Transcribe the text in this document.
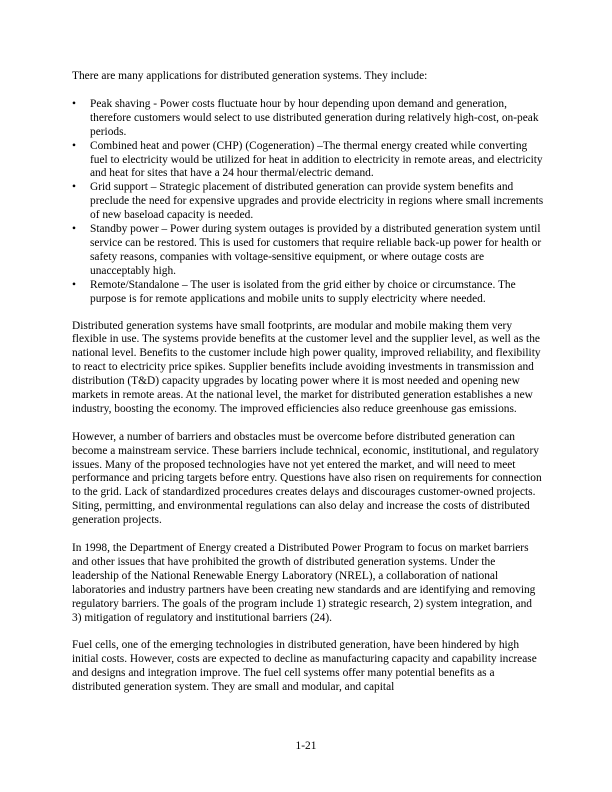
There are many applications for distributed generation systems. They include:

• Peak shaving - Power costs fluctuate hour by hour depending upon demand and generation, therefore customers would select to use distributed generation during relatively high-cost, on-peak periods.
• Combined heat and power (CHP) (Cogeneration) –The thermal energy created while converting fuel to electricity would be utilized for heat in addition to electricity in remote areas, and electricity and heat for sites that have a 24 hour thermal/electric demand.
• Grid support – Strategic placement of distributed generation can provide system benefits and preclude the need for expensive upgrades and provide electricity in regions where small increments of new baseload capacity is needed.
• Standby power – Power during system outages is provided by a distributed generation system until service can be restored. This is used for customers that require reliable back-up power for health or safety reasons, companies with voltage-sensitive equipment, or where outage costs are unacceptably high.
• Remote/Standalone – The user is isolated from the grid either by choice or circumstance. The purpose is for remote applications and mobile units to supply electricity where needed.

Distributed generation systems have small footprints, are modular and mobile making them very flexible in use. The systems provide benefits at the customer level and the supplier level, as well as the national level. Benefits to the customer include high power quality, improved reliability, and flexibility to react to electricity price spikes. Supplier benefits include avoiding investments in transmission and distribution (T&D) capacity upgrades by locating power where it is most needed and opening new markets in remote areas. At the national level, the market for distributed generation establishes a new industry, boosting the economy. The improved efficiencies also reduce greenhouse gas emissions.

However, a number of barriers and obstacles must be overcome before distributed generation can become a mainstream service. These barriers include technical, economic, institutional, and regulatory issues. Many of the proposed technologies have not yet entered the market, and will need to meet performance and pricing targets before entry. Questions have also risen on requirements for connection to the grid. Lack of standardized procedures creates delays and discourages customer-owned projects. Siting, permitting, and environmental regulations can also delay and increase the costs of distributed generation projects.

In 1998, the Department of Energy created a Distributed Power Program to focus on market barriers and other issues that have prohibited the growth of distributed generation systems. Under the leadership of the National Renewable Energy Laboratory (NREL), a collaboration of national laboratories and industry partners have been creating new standards and are identifying and removing regulatory barriers. The goals of the program include 1) strategic research, 2) system integration, and 3) mitigation of regulatory and institutional barriers (24).

Fuel cells, one of the emerging technologies in distributed generation, have been hindered by high initial costs. However, costs are expected to decline as manufacturing capacity and capability increase and designs and integration improve. The fuel cell systems offer many potential benefits as a distributed generation system. They are small and modular, and capital

1-21
